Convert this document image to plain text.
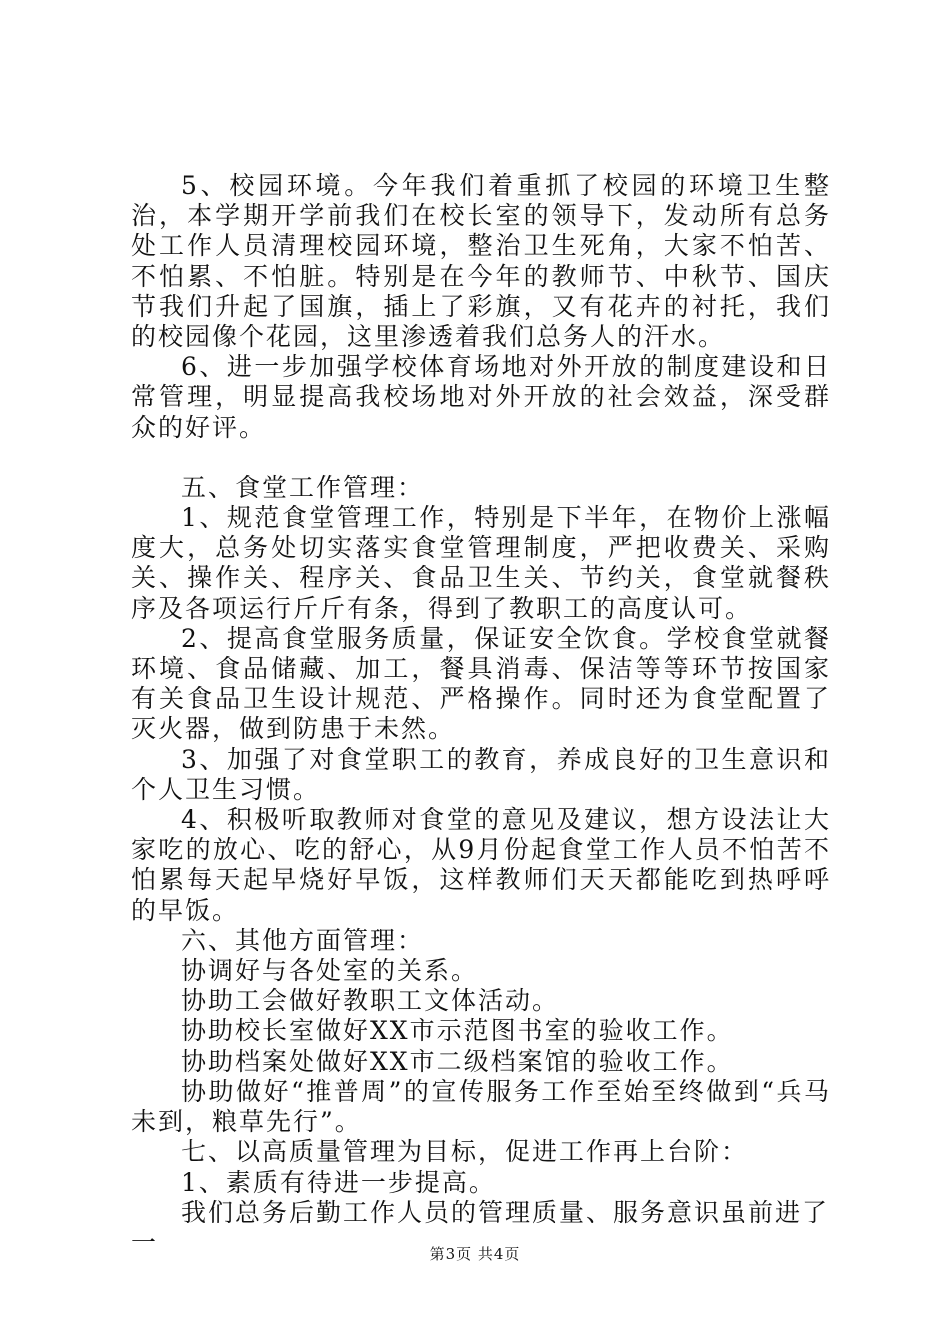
5、校园环境。今年我们着重抓了校园的环境卫生整治，本学期开学前我们在校长室的领导下，发动所有总务处工作人员清理校园环境，整治卫生死角，大家不怕苦、不怕累、不怕脏。特别是在今年的教师节、中秋节、国庆节我们升起了国旗，插上了彩旗，又有花卉的衬托，我们的校园像个花园，这里渗透着我们总务人的汗水。

6、进一步加强学校体育场地对外开放的制度建设和日常管理，明显提高我校场地对外开放的社会效益，深受群众的好评。

五、食堂工作管理：

1、规范食堂管理工作，特别是下半年，在物价上涨幅度大，总务处切实落实食堂管理制度，严把收费关、采购关、操作关、程序关、食品卫生关、节约关，食堂就餐秩序及各项运行斤斤有条，得到了教职工的高度认可。

2、提高食堂服务质量，保证安全饮食。学校食堂就餐环境、食品储藏、加工，餐具消毒、保洁等等环节按国家有关食品卫生设计规范、严格操作。同时还为食堂配置了灭火器，做到防患于未然。

3、加强了对食堂职工的教育，养成良好的卫生意识和个人卫生习惯。

4、积极听取教师对食堂的意见及建议，想方设法让大家吃的放心、吃的舒心，从9月份起食堂工作人员不怕苦不怕累每天起早烧好早饭，这样教师们天天都能吃到热呼呼的早饭。

六、其他方面管理：

协调好与各处室的关系。

协助工会做好教职工文体活动。

协助校长室做好XX市示范图书室的验收工作。

协助档案处做好XX市二级档案馆的验收工作。

协助做好“推普周”的宣传服务工作至始至终做到“兵马未到，粮草先行”。

七、以高质量管理为目标，促进工作再上台阶：

1、素质有待进一步提高。

我们总务后勤工作人员的管理质量、服务意识虽前进了一	第3页 共4页
